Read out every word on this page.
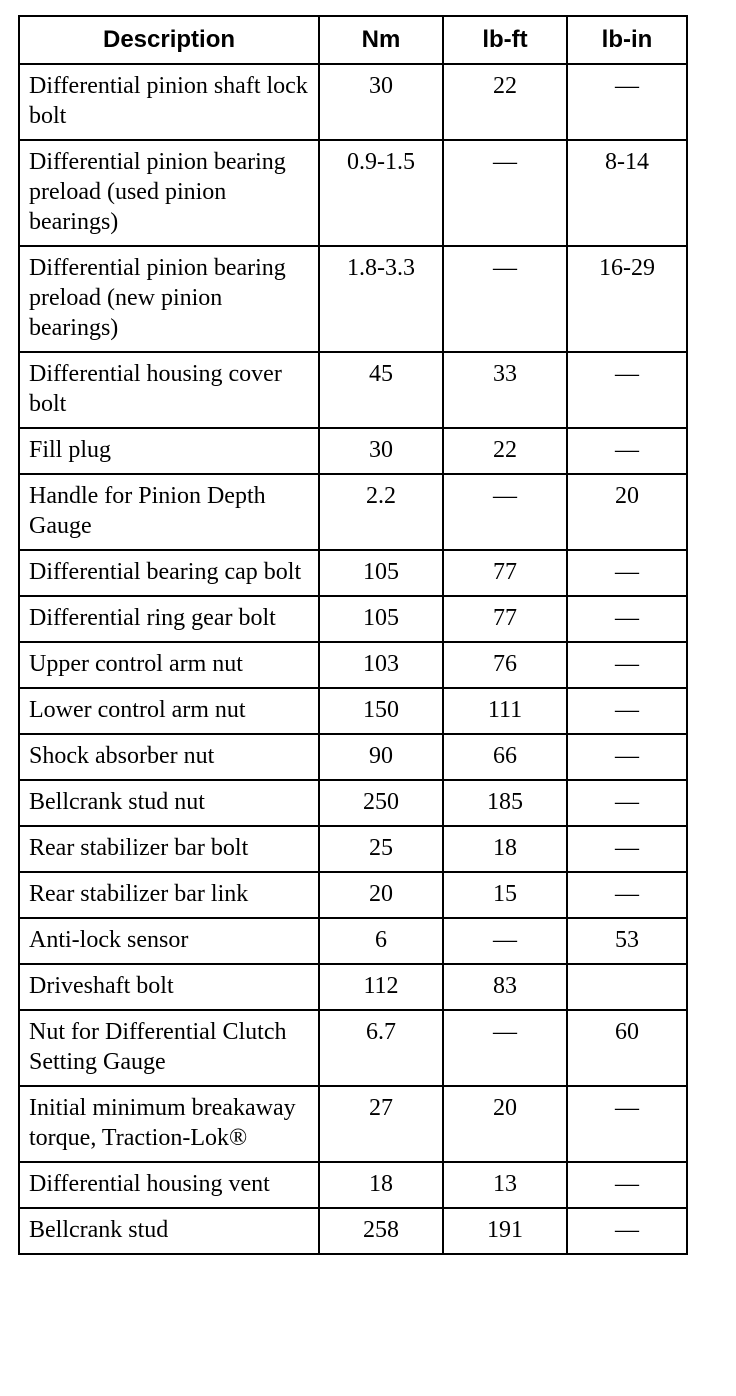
Description	Nm	lb-ft	lb-in
Differential pinion shaft lock bolt	30	22	—
Differential pinion bearing preload (used pinion bearings)	0.9-1.5	—	8-14
Differential pinion bearing preload (new pinion bearings)	1.8-3.3	—	16-29
Differential housing cover bolt	45	33	—
Fill plug	30	22	—
Handle for Pinion Depth Gauge	2.2	—	20
Differential bearing cap bolt	105	77	—
Differential ring gear bolt	105	77	—
Upper control arm nut	103	76	—
Lower control arm nut	150	111	—
Shock absorber nut	90	66	—
Bellcrank stud nut	250	185	—
Rear stabilizer bar bolt	25	18	—
Rear stabilizer bar link	20	15	—
Anti-lock sensor	6	—	53
Driveshaft bolt	112	83	
Nut for Differential Clutch Setting Gauge	6.7	—	60
Initial minimum breakaway torque, Traction-Lok®	27	20	—
Differential housing vent	18	13	—
Bellcrank stud	258	191	—
